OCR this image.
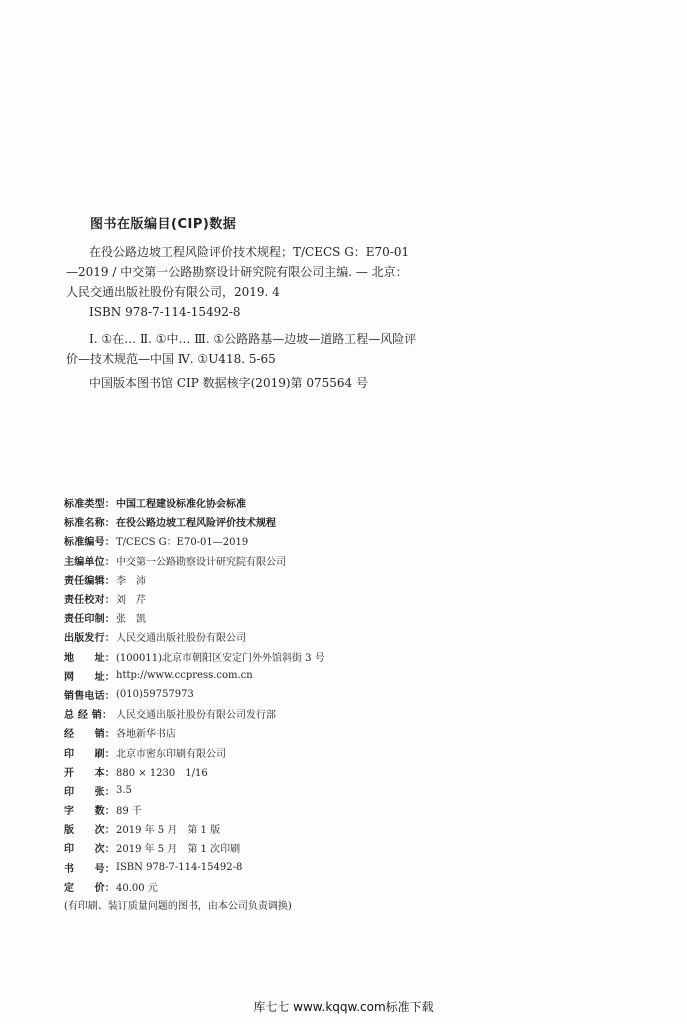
图书在版编目(CIP)数据

在役公路边坡工程风险评价技术规程；T/CECS G：E70-01—2019 / 中交第一公路勘察设计研究院有限公司主编. — 北京：人民交通出版社股份有限公司，2019. 4

ISBN 978-7-114-15492-8

Ⅰ. ①在… Ⅱ. ①中… Ⅲ. ①公路路基—边坡—道路工程—风险评价—技术规范—中国 Ⅳ. ①U418. 5-65

中国版本图书馆 CIP 数据核字(2019)第 075564 号

标准类型： 中国工程建设标准化协会标准
标准名称： 在役公路边坡工程风险评价技术规程
标准编号： T/CECS G：E70-01—2019
主编单位： 中交第一公路勘察设计研究院有限公司
责任编辑： 李　沛
责任校对： 刘　芹
责任印制： 张　凯
出版发行： 人民交通出版社股份有限公司
地　　址： (100011)北京市朝阳区安定门外外馆斜街 3 号
网　　址： http://www.ccpress.com.cn
销售电话： (010)59757973
总 经 销： 人民交通出版社股份有限公司发行部
经　　销： 各地新华书店
印　　刷： 北京市密东印刷有限公司
开　　本： 880 × 1230　1/16
印　　张： 3.5
字　　数： 89 千
版　　次： 2019 年 5 月　第 1 版
印　　次： 2019 年 5 月　第 1 次印刷
书　　号： ISBN 978-7-114-15492-8
定　　价： 40.00 元
(有印刷、装订质量问题的图书，由本公司负责调换)
库七七 www.kqqw.com标准下载
